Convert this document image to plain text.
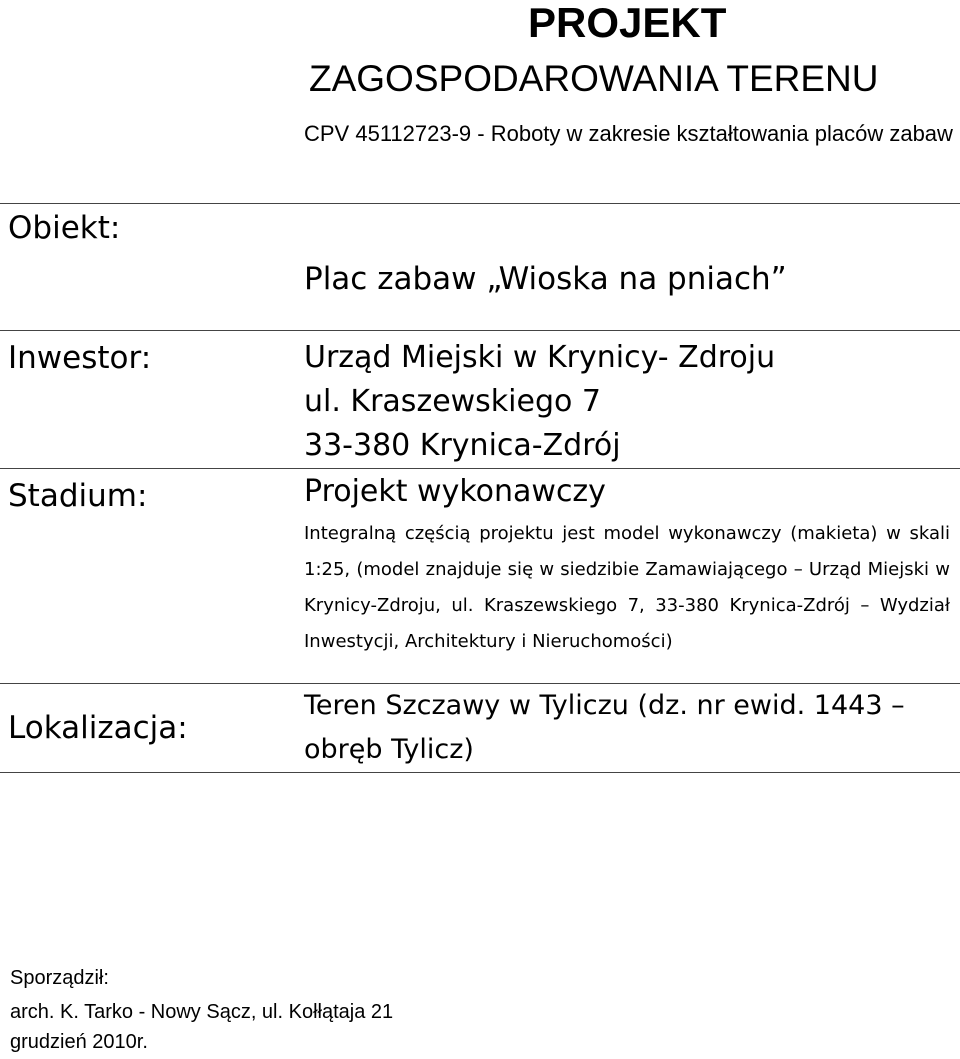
PROJEKT
ZAGOSPODAROWANIA TERENU
CPV 45112723-9 - Roboty w zakresie kształtowania placów zabaw
Obiekt:
Plac zabaw „Wioska na pniach”
Inwestor:	Urząd Miejski w Krynicy- Zdroju
ul. Kraszewskiego 7
33-380 Krynica-Zdrój
Stadium:	Projekt wykonawczy
Integralną częścią projektu jest model wykonawczy (makieta) w skali 1:25, (model znajduje się w siedzibie Zamawiającego – Urząd Miejski w Krynicy-Zdroju, ul. Kraszewskiego 7, 33-380 Krynica-Zdrój – Wydział Inwestycji, Architektury i Nieruchomości)
Lokalizacja:
Teren Szczawy w Tyliczu (dz. nr ewid. 1443 – obręb Tylicz)
Sporządził:
arch. K. Tarko - Nowy Sącz, ul. Kołłątaja 21
grudzień 2010r.
